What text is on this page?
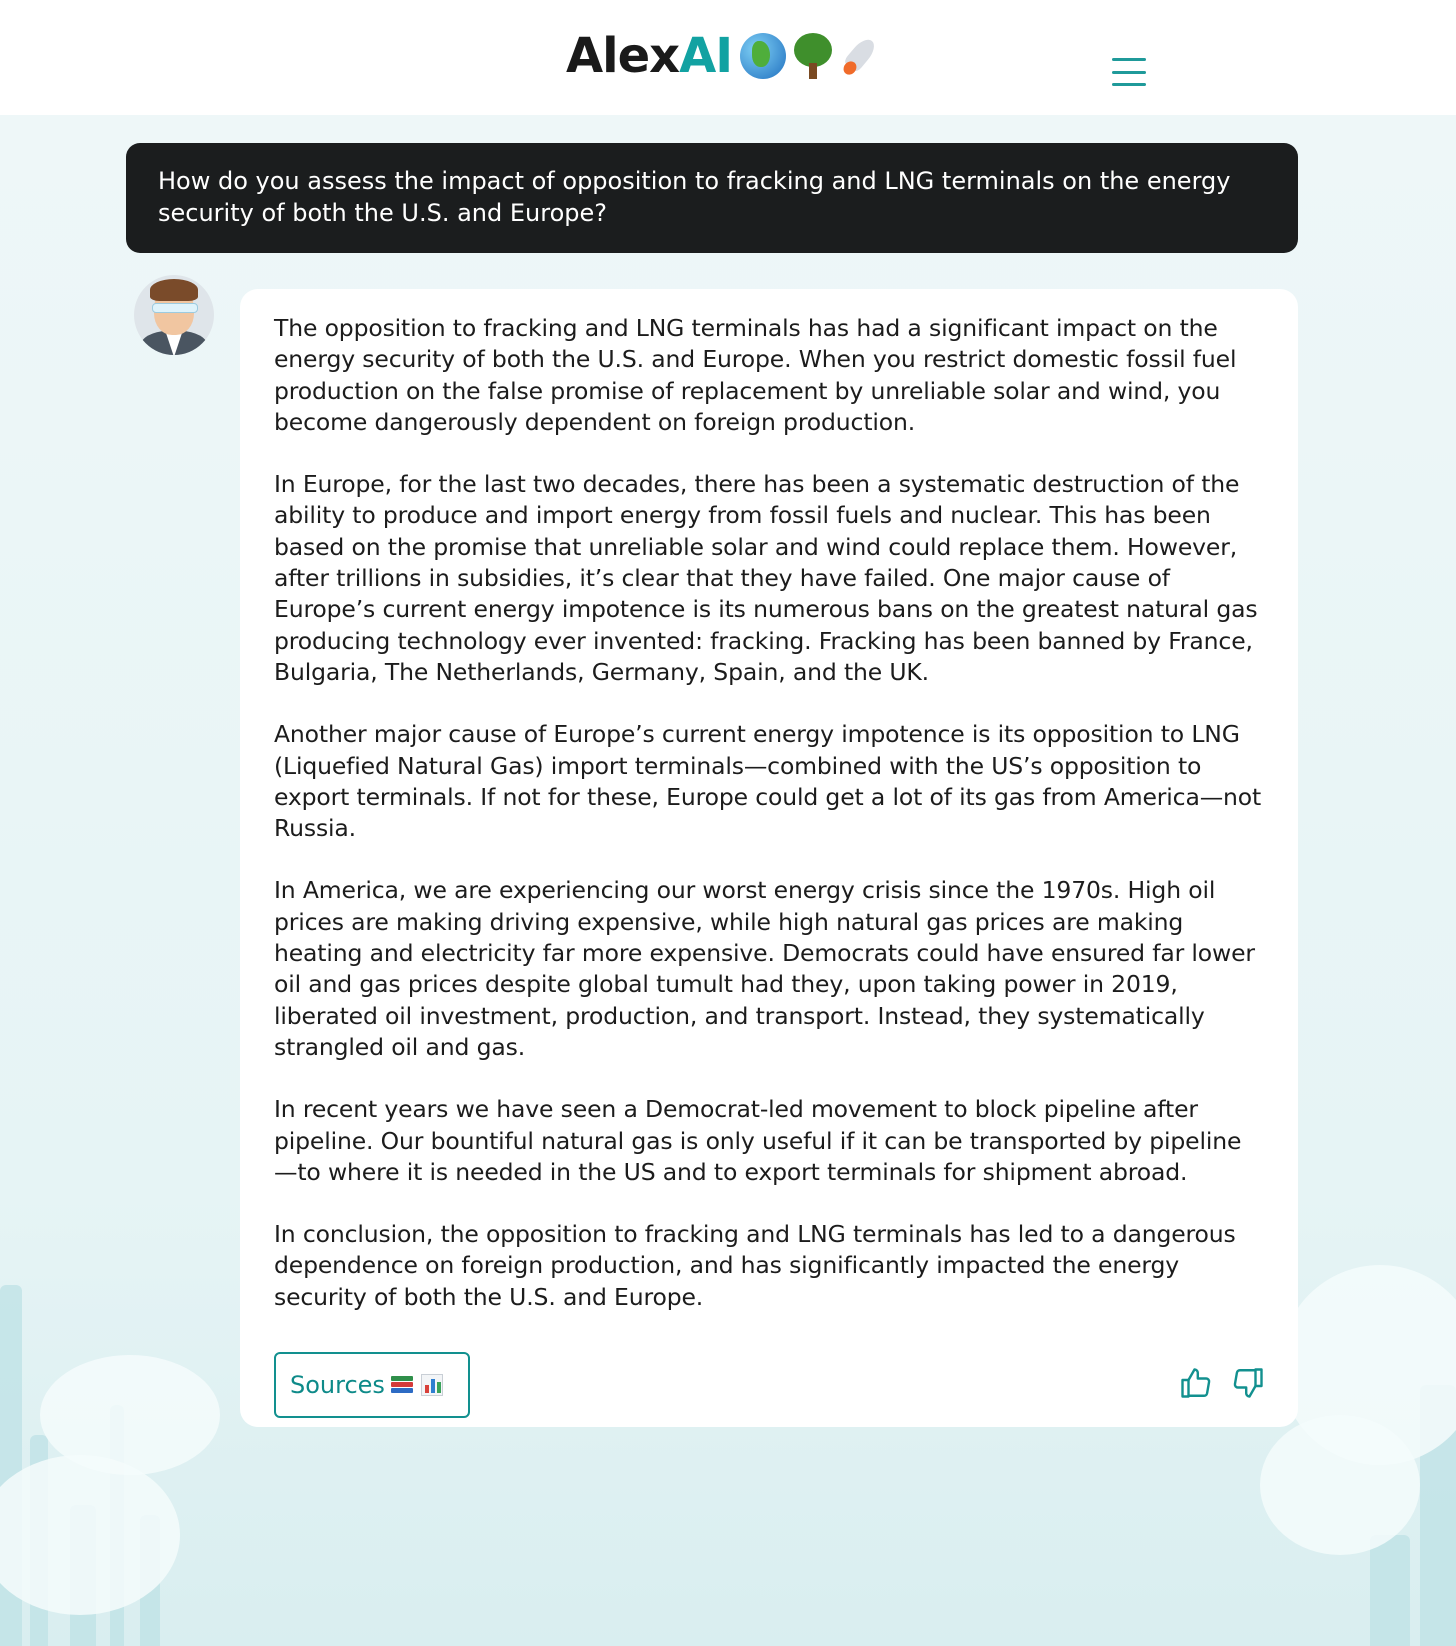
Alex AI
How do you assess the impact of opposition to fracking and LNG terminals on the energy security of both the U.S. and Europe?

The opposition to fracking and LNG terminals has had a significant impact on the energy security of both the U.S. and Europe. When you restrict domestic fossil fuel production on the false promise of replacement by unreliable solar and wind, you become dangerously dependent on foreign production.

In Europe, for the last two decades, there has been a systematic destruction of the ability to produce and import energy from fossil fuels and nuclear. This has been based on the promise that unreliable solar and wind could replace them. However, after trillions in subsidies, it’s clear that they have failed. One major cause of Europe’s current energy impotence is its numerous bans on the greatest natural gas producing technology ever invented: fracking. Fracking has been banned by France, Bulgaria, The Netherlands, Germany, Spain, and the UK.

Another major cause of Europe’s current energy impotence is its opposition to LNG (Liquefied Natural Gas) import terminals—combined with the US’s opposition to export terminals. If not for these, Europe could get a lot of its gas from America—not Russia.

In America, we are experiencing our worst energy crisis since the 1970s. High oil prices are making driving expensive, while high natural gas prices are making heating and electricity far more expensive. Democrats could have ensured far lower oil and gas prices despite global tumult had they, upon taking power in 2019, liberated oil investment, production, and transport. Instead, they systematically strangled oil and gas.

In recent years we have seen a Democrat-led movement to block pipeline after pipeline. Our bountiful natural gas is only useful if it can be transported by pipeline—to where it is needed in the US and to export terminals for shipment abroad.

In conclusion, the opposition to fracking and LNG terminals has led to a dangerous dependence on foreign production, and has significantly impacted the energy security of both the U.S. and Europe.

Sources
